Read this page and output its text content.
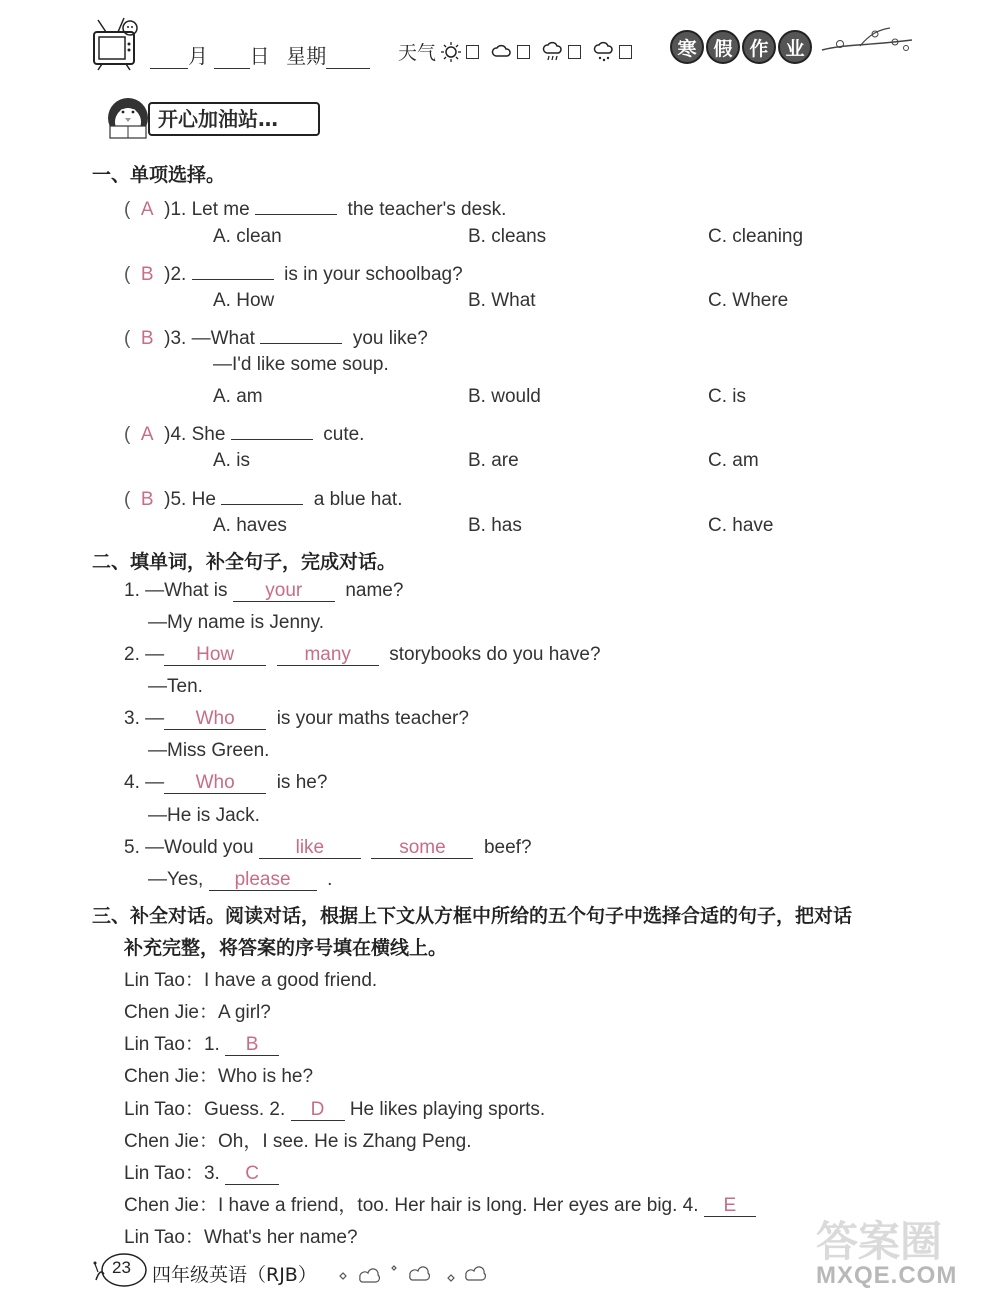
月 日 星期	天气	寒 假 作 业
开心加油站…
一、单项选择。
( A )1. Let me	the teacher's desk.
A. clean	B. cleans	C. cleaning
( B )2.	is in your schoolbag?
A. How	B. What	C. Where
( B )3. —What	you like?
—I'd like some soup.
A. am	B. would	C. is
( A )4. She	cute.
A. is	B. are	C. am
( B )5. He	a blue hat.
A. haves	B. has	C. have
二、填单词，补全句子，完成对话。
1. —What is your name?
—My name is Jenny.
2. — How	many storybooks do you have?
—Ten.
3. — Who is your maths teacher?
—Miss Green.
4. — Who is he?
—He is Jack.
5. —Would you like	some beef?
—Yes, please .
三、补全对话。阅读对话，根据上下文从方框中所给的五个句子中选择合适的句子，把对话
补充完整，将答案的序号填在横线上。
Lin Tao：I have a good friend.
Chen Jie：A girl?
Lin Tao：1. B
Chen Jie：Who is he?
Lin Tao：Guess. 2. D He likes playing sports.
Chen Jie：Oh，I see. He is Zhang Peng.
Lin Tao：3. C
Chen Jie：I have a friend，too. Her hair is long. Her eyes are big. 4. E
Lin Tao：What's her name?
23 四年级英语（RJB）
答案圈
MXQE.COM
